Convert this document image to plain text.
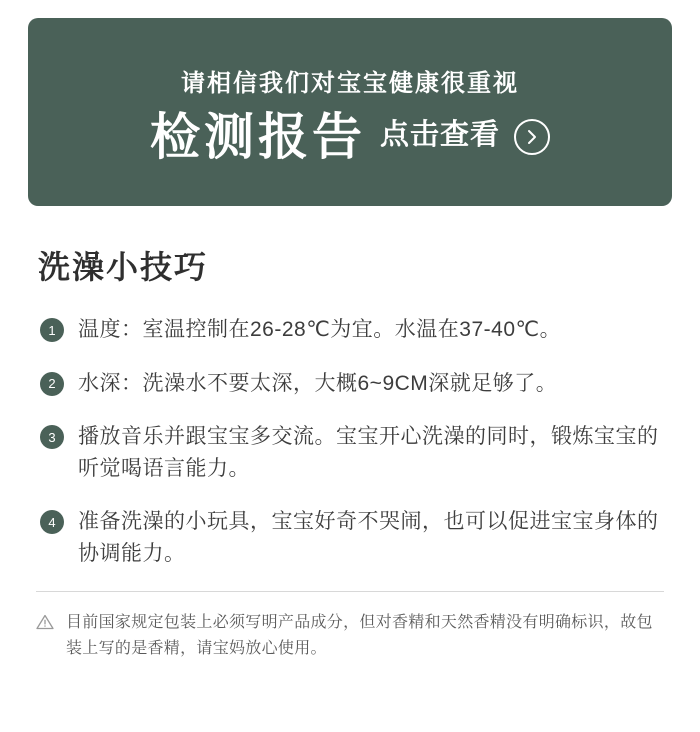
请相信我们对宝宝健康很重视
检测报告 点击查看
洗澡小技巧
1	温度：室温控制在26-28℃为宜。水温在37-40℃。
2	水深：洗澡水不要太深，大概6~9CM深就足够了。
3	播放音乐并跟宝宝多交流。宝宝开心洗澡的同时，锻炼宝宝的听觉喝语言能力。
4	准备洗澡的小玩具，宝宝好奇不哭闹，也可以促进宝宝身体的协调能力。
目前国家规定包装上必须写明产品成分，但对香精和天然香精没有明确标识，故包装上写的是香精，请宝妈放心使用。
